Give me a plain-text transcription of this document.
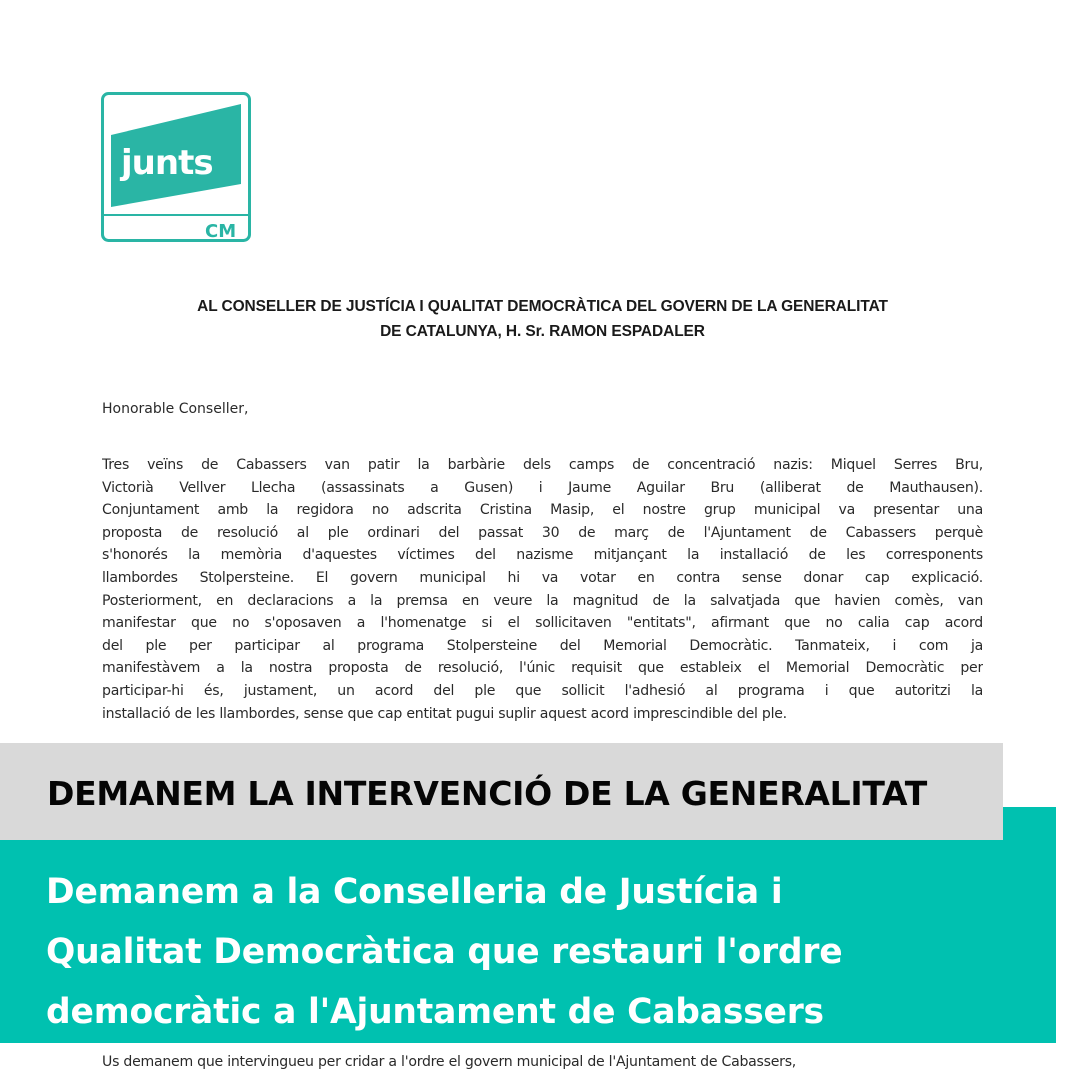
junts
CM
AL CONSELLER DE JUSTÍCIA I QUALITAT DEMOCRÀTICA DEL GOVERN DE LA GENERALITAT
DE CATALUNYA, H. Sr. RAMON ESPADALER
Honorable Conseller,
Tres veïns de Cabassers van patir la barbàrie dels camps de concentració nazis: Miquel Serres Bru,
Victorià Vellver Llecha (assassinats a Gusen) i Jaume Aguilar Bru (alliberat de Mauthausen).
Conjuntament amb la regidora no adscrita Cristina Masip, el nostre grup municipal va presentar una
proposta de resolució al ple ordinari del passat 30 de març de l'Ajuntament de Cabassers perquè
s'honorés la memòria d'aquestes víctimes del nazisme mitjançant la installació de les corresponents
llambordes Stolpersteine. El govern municipal hi va votar en contra sense donar cap explicació.
Posteriorment, en declaracions a la premsa en veure la magnitud de la salvatjada que havien comès, van
manifestar que no s'oposaven a l'homenatge si el sollicitaven "entitats", afirmant que no calia cap acord
del ple per participar al programa Stolpersteine del Memorial Democràtic. Tanmateix, i com ja
manifestàvem a la nostra proposta de resolució, l'únic requisit que estableix el Memorial Democràtic per
participar-hi és, justament, un acord del ple que sollicit l'adhesió al programa i que autoritzi la
installació de les llambordes, sense que cap entitat pugui suplir aquest acord imprescindible del ple.
DEMANEM LA INTERVENCIÓ DE LA GENERALITAT
Demanem a la Conselleria de Justícia i
Qualitat Democràtica que restauri l'ordre
democràtic a l'Ajuntament de Cabassers
Us demanem que intervingueu per cridar a l'ordre el govern municipal de l'Ajuntament de Cabassers,
